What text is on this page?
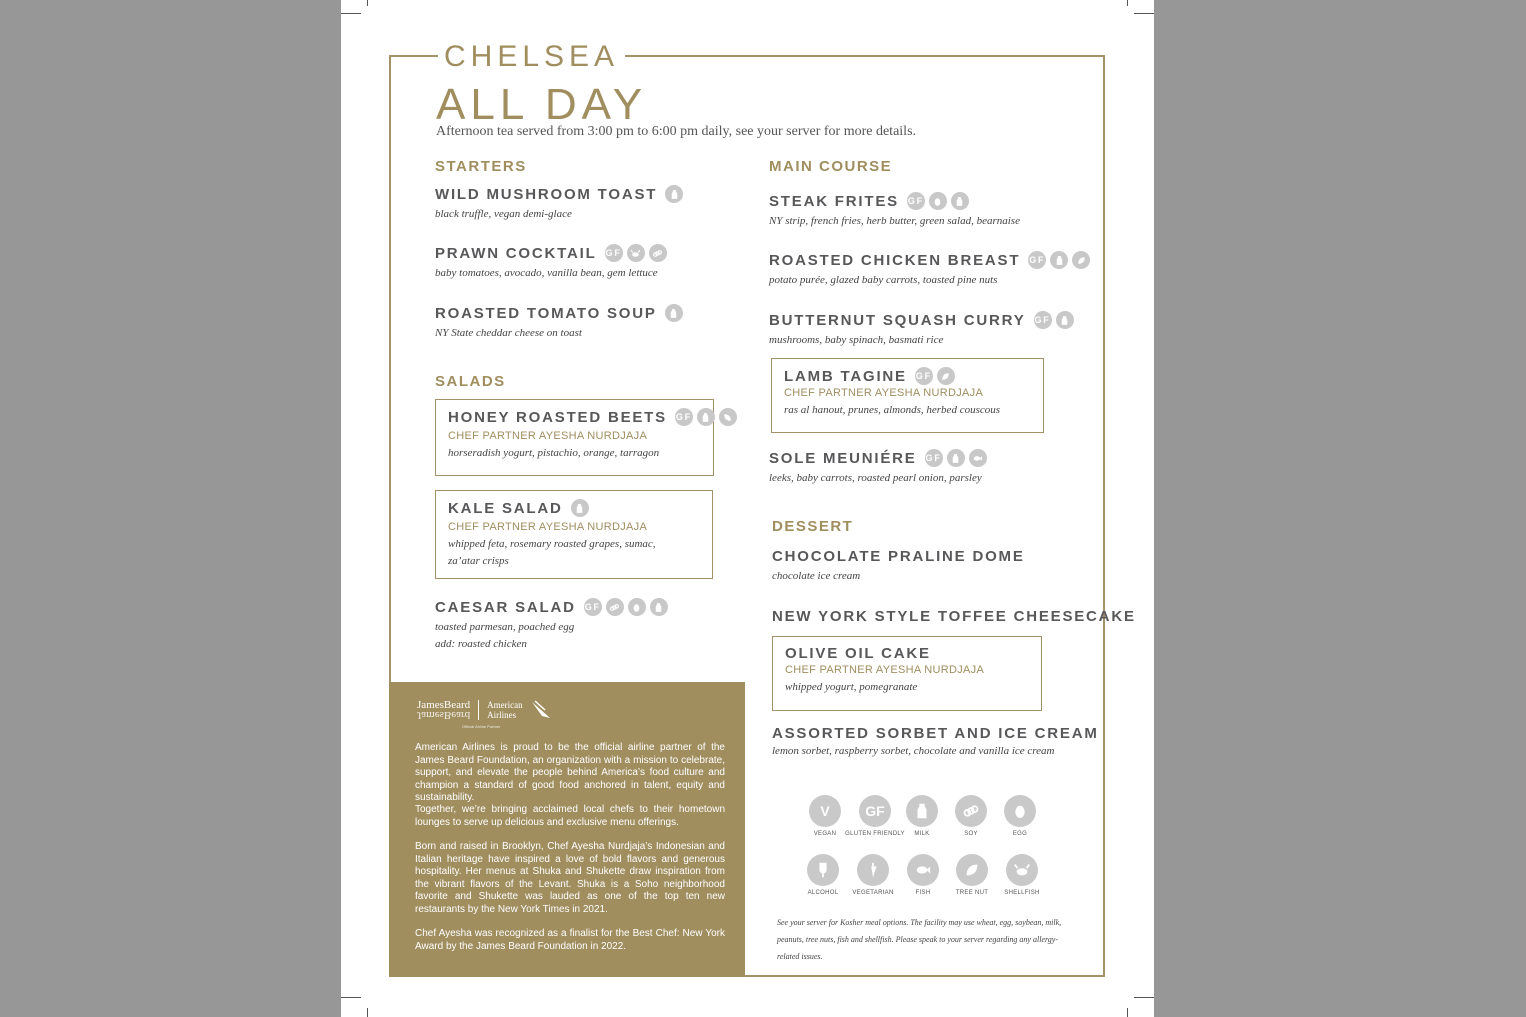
CHELSEA
ALL DAY
Afternoon tea served from 3:00 pm to 6:00 pm daily, see your server for more details.
STARTERS
WILD MUSHROOM TOAST
black truffle, vegan demi-glace
PRAWN COCKTAIL GF
baby tomatoes, avocado, vanilla bean, gem lettuce
ROASTED TOMATO SOUP
NY State cheddar cheese on toast
SALADS
HONEY ROASTED BEETS GF
CHEF PARTNER AYESHA NURDJAJA
horseradish yogurt, pistachio, orange, tarragon
KALE SALAD
CHEF PARTNER AYESHA NURDJAJA
whipped feta, rosemary roasted grapes, sumac,
za’atar crisps
CAESAR SALAD GF
toasted parmesan, poached egg
add: roasted chicken
MAIN COURSE
STEAK FRITES GF
NY strip, french fries, herb butter, green salad, bearnaise
ROASTED CHICKEN BREAST GF
potato purée, glazed baby carrots, toasted pine nuts
BUTTERNUT SQUASH CURRY GF
mushrooms, baby spinach, basmati rice
LAMB TAGINE GF
CHEF PARTNER AYESHA NURDJAJA
ras al hanout, prunes, almonds, herbed couscous
SOLE MEUNIÉRE GF
leeks, baby carrots, roasted pearl onion, parsley
DESSERT
CHOCOLATE PRALINE DOME
chocolate ice cream
NEW YORK STYLE TOFFEE CHEESECAKE
OLIVE OIL CAKE
CHEF PARTNER AYESHA NURDJAJA
whipped yogurt, pomegranate
ASSORTED SORBET AND ICE CREAM
lemon sorbet, raspberry sorbet, chocolate and vanilla ice cream
JamesBeard
JamesBeard
American
Airlines
Official Airline Partner
American Airlines is proud to be the official airline partner of the James Beard Foundation, an organization with a mission to celebrate, support, and elevate the people behind America’s food culture and champion a standard of good food anchored in talent, equity and sustainability.
Together, we’re bringing acclaimed local chefs to their hometown lounges to serve up delicious and exclusive menu offerings.
Born and raised in Brooklyn, Chef Ayesha Nurdjaja’s Indonesian and Italian heritage have inspired a love of bold flavors and generous hospitality. Her menus at Shuka and Shukette draw inspiration from the vibrant flavors of the Levant. Shuka is a Soho neighborhood favorite and Shukette was lauded as one of the top ten new restaurants by the New York Times in 2021.
Chef Ayesha was recognized as a finalist for the Best Chef: New York Award by the James Beard Foundation in 2022.
V
VEGAN
GF
GLUTEN FRIENDLY	MILK	SOY	EGG
ALCOHOL	VEGETARIAN	FISH	TREE NUT	SHELLFISH
See your server for Kosher meal options. The facility may use wheat, egg, soybean, milk, peanuts, tree nuts, fish and shellfish. Please speak to your server regarding any allergy-related issues.
